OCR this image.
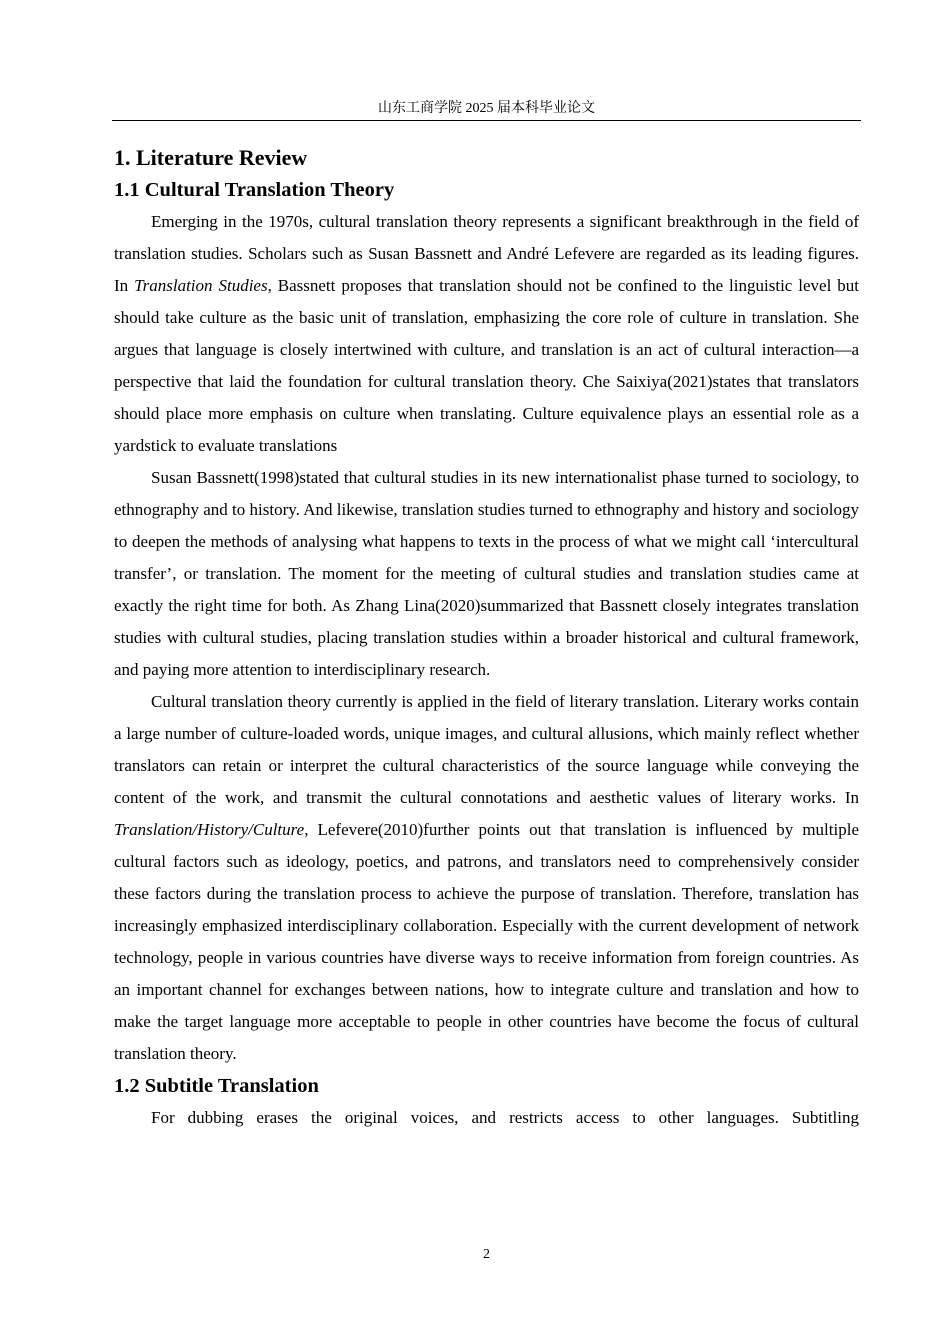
山东工商学院 2025 届本科毕业论文
1. Literature Review
1.1 Cultural Translation Theory

Emerging in the 1970s, cultural translation theory represents a significant breakthrough in the field of translation studies. Scholars such as Susan Bassnett and André Lefevere are regarded as its leading figures. In Translation Studies, Bassnett proposes that translation should not be confined to the linguistic level but should take culture as the basic unit of translation, emphasizing the core role of culture in translation. She argues that language is closely intertwined with culture, and translation is an act of cultural interaction—a perspective that laid the foundation for cultural translation theory. Che Saixiya(2021)states that translators should place more emphasis on culture when translating. Culture equivalence plays an essential role as a yardstick to evaluate translations

Susan Bassnett(1998)stated that cultural studies in its new internationalist phase turned to sociology, to ethnography and to history. And likewise, translation studies turned to ethnography and history and sociology to deepen the methods of analysing what happens to texts in the process of what we might call ‘intercultural transfer’, or translation. The moment for the meeting of cultural studies and translation studies came at exactly the right time for both. As Zhang Lina(2020)summarized that Bassnett closely integrates translation studies with cultural studies, placing translation studies within a broader historical and cultural framework, and paying more attention to interdisciplinary research.

Cultural translation theory currently is applied in the field of literary translation. Literary works contain a large number of culture-loaded words, unique images, and cultural allusions, which mainly reflect whether translators can retain or interpret the cultural characteristics of the source language while conveying the content of the work, and transmit the cultural connotations and aesthetic values of literary works. In Translation/History/Culture, Lefevere(2010)further points out that translation is influenced by multiple cultural factors such as ideology, poetics, and patrons, and translators need to comprehensively consider these factors during the translation process to achieve the purpose of translation. Therefore, translation has increasingly emphasized interdisciplinary collaboration. Especially with the current development of network technology, people in various countries have diverse ways to receive information from foreign countries. As an important channel for exchanges between nations, how to integrate culture and translation and how to make the target language more acceptable to people in other countries have become the focus of cultural translation theory.

1.2 Subtitle Translation

For dubbing erases the original voices, and restricts access to other languages. Subtitling

2
